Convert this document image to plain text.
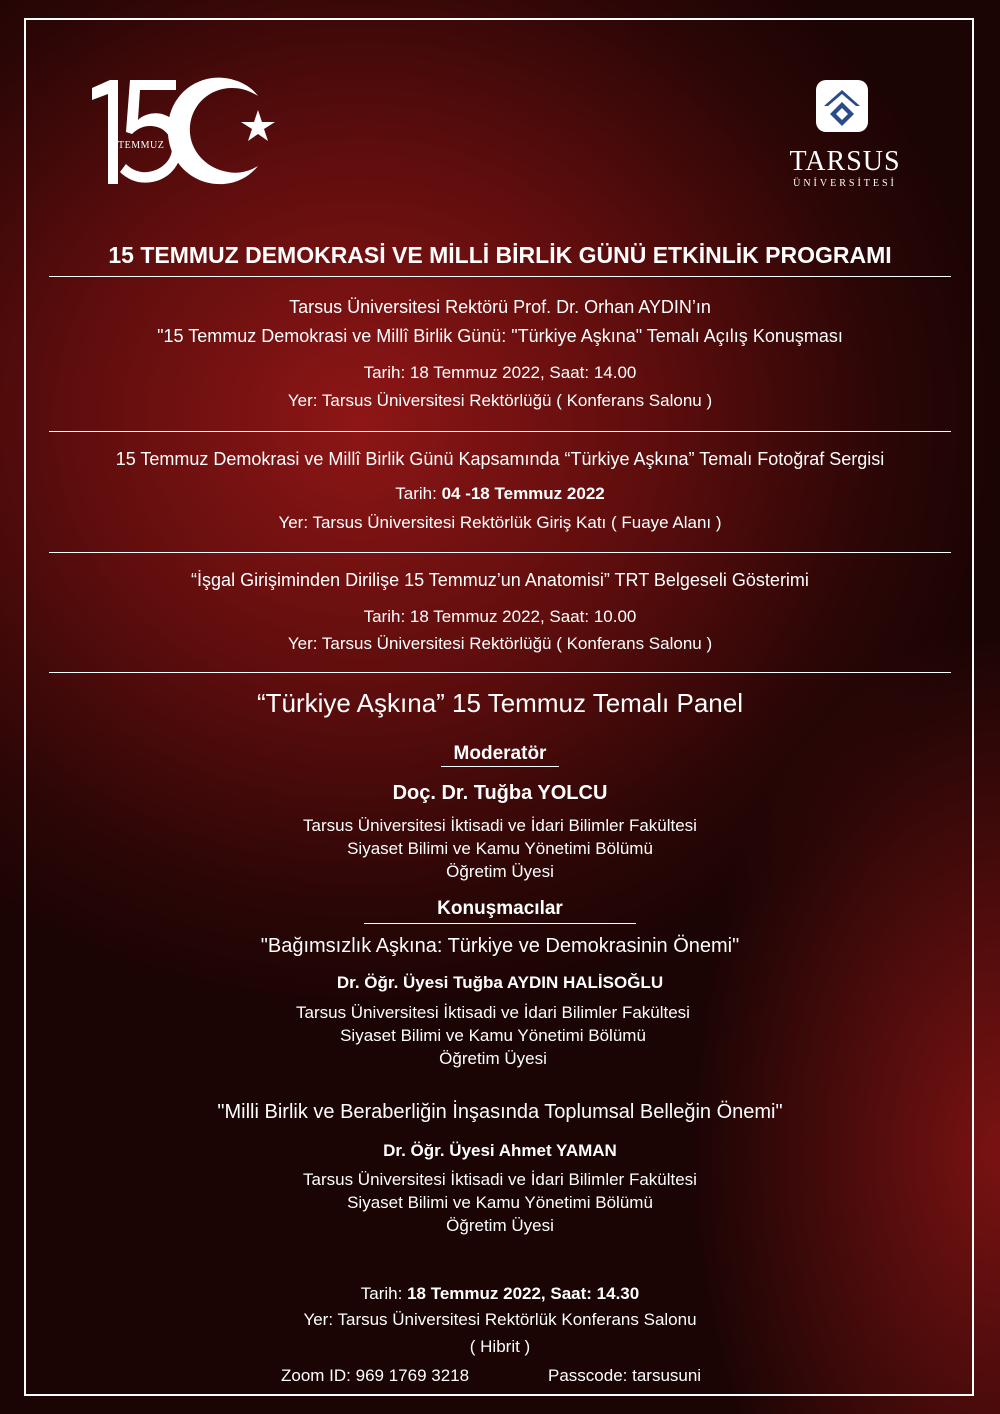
TEMMUZ
TARSUS
ÜNİVERSİTESİ
15 TEMMUZ DEMOKRASİ VE MİLLİ BİRLİK GÜNÜ ETKİNLİK PROGRAMI
Tarsus Üniversitesi Rektörü Prof. Dr. Orhan AYDIN’ın
"15 Temmuz Demokrasi ve Millî Birlik Günü: "Türkiye Aşkına" Temalı Açılış Konuşması
Tarih: 18 Temmuz 2022, Saat: 14.00
Yer: Tarsus Üniversitesi Rektörlüğü ( Konferans Salonu )
15 Temmuz Demokrasi ve Millî Birlik Günü Kapsamında “Türkiye Aşkına” Temalı Fotoğraf Sergisi
Tarih: 04 -18 Temmuz 2022
Yer: Tarsus Üniversitesi Rektörlük Giriş Katı ( Fuaye Alanı )
“İşgal Girişiminden Dirilişe 15 Temmuz’un Anatomisi” TRT Belgeseli Gösterimi
Tarih: 18 Temmuz 2022, Saat: 10.00
Yer: Tarsus Üniversitesi Rektörlüğü ( Konferans Salonu )
“Türkiye Aşkına” 15 Temmuz Temalı Panel
Moderatör
Doç. Dr. Tuğba YOLCU
Tarsus Üniversitesi İktisadi ve İdari Bilimler Fakültesi
Siyaset Bilimi ve Kamu Yönetimi Bölümü
Öğretim Üyesi
Konuşmacılar
"Bağımsızlık Aşkına: Türkiye ve Demokrasinin Önemi"
Dr. Öğr. Üyesi Tuğba AYDIN HALİSOĞLU
Tarsus Üniversitesi İktisadi ve İdari Bilimler Fakültesi
Siyaset Bilimi ve Kamu Yönetimi Bölümü
Öğretim Üyesi
"Milli Birlik ve Beraberliğin İnşasında Toplumsal Belleğin Önemi"
Dr. Öğr. Üyesi Ahmet YAMAN
Tarsus Üniversitesi İktisadi ve İdari Bilimler Fakültesi
Siyaset Bilimi ve Kamu Yönetimi Bölümü
Öğretim Üyesi
Tarih: 18 Temmuz 2022, Saat: 14.30
Yer: Tarsus Üniversitesi Rektörlük Konferans Salonu
( Hibrit )
Zoom ID: 969 1769 3218	Passcode: tarsusuni
